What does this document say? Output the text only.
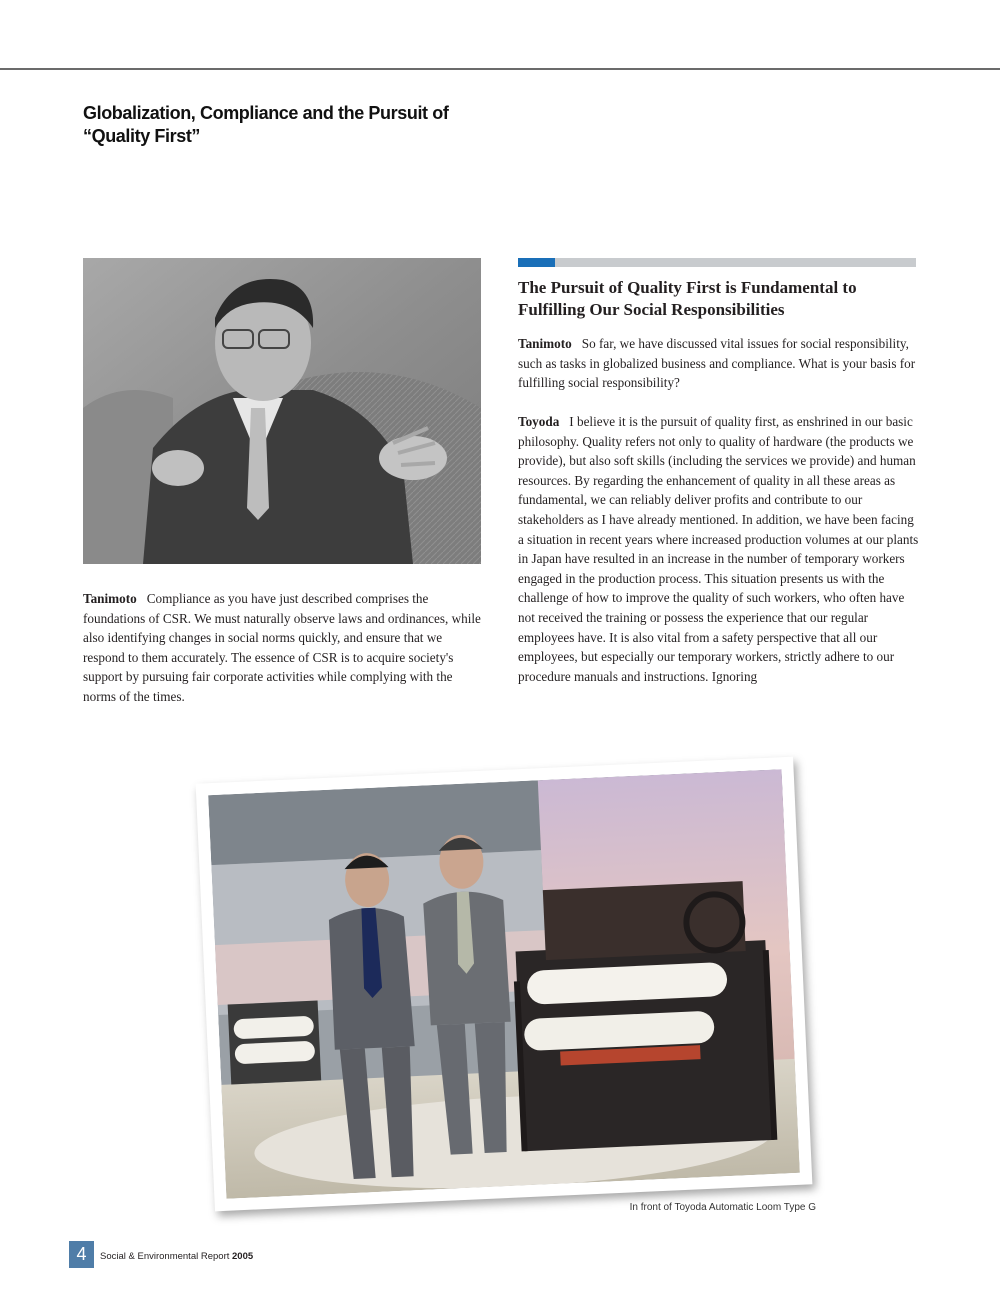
Globalization, Compliance and the Pursuit of
“Quality First”
Tanimoto Compliance as you have just described comprises the foundations of CSR. We must naturally observe laws and ordinances, while also identifying changes in social norms quickly, and ensure that we respond to them accurately. The essence of CSR is to acquire society's support by pursuing fair corporate activities while complying with the norms of the times.
The Pursuit of Quality First is Fundamental to Fulfilling Our Social Responsibilities
Tanimoto So far, we have discussed vital issues for social responsibility, such as tasks in globalized business and compliance. What is your basis for fulfilling social responsibility?
Toyoda I believe it is the pursuit of quality first, as enshrined in our basic philosophy. Quality refers not only to quality of hardware (the products we provide), but also soft skills (including the services we provide) and human resources. By regarding the enhancement of quality in all these areas as fundamental, we can reliably deliver profits and contribute to our stakeholders as I have already mentioned. In addition, we have been facing a situation in recent years where increased production volumes at our plants in Japan have resulted in an increase in the number of temporary workers engaged in the production process. This situation presents us with the challenge of how to improve the quality of such workers, who often have not received the training or possess the experience that our regular employees have. It is also vital from a safety perspective that all our employees, but especially our temporary workers, strictly adhere to our procedure manuals and instructions. Ignoring
In front of Toyoda Automatic Loom Type G
4	Social & Environmental Report 2005
